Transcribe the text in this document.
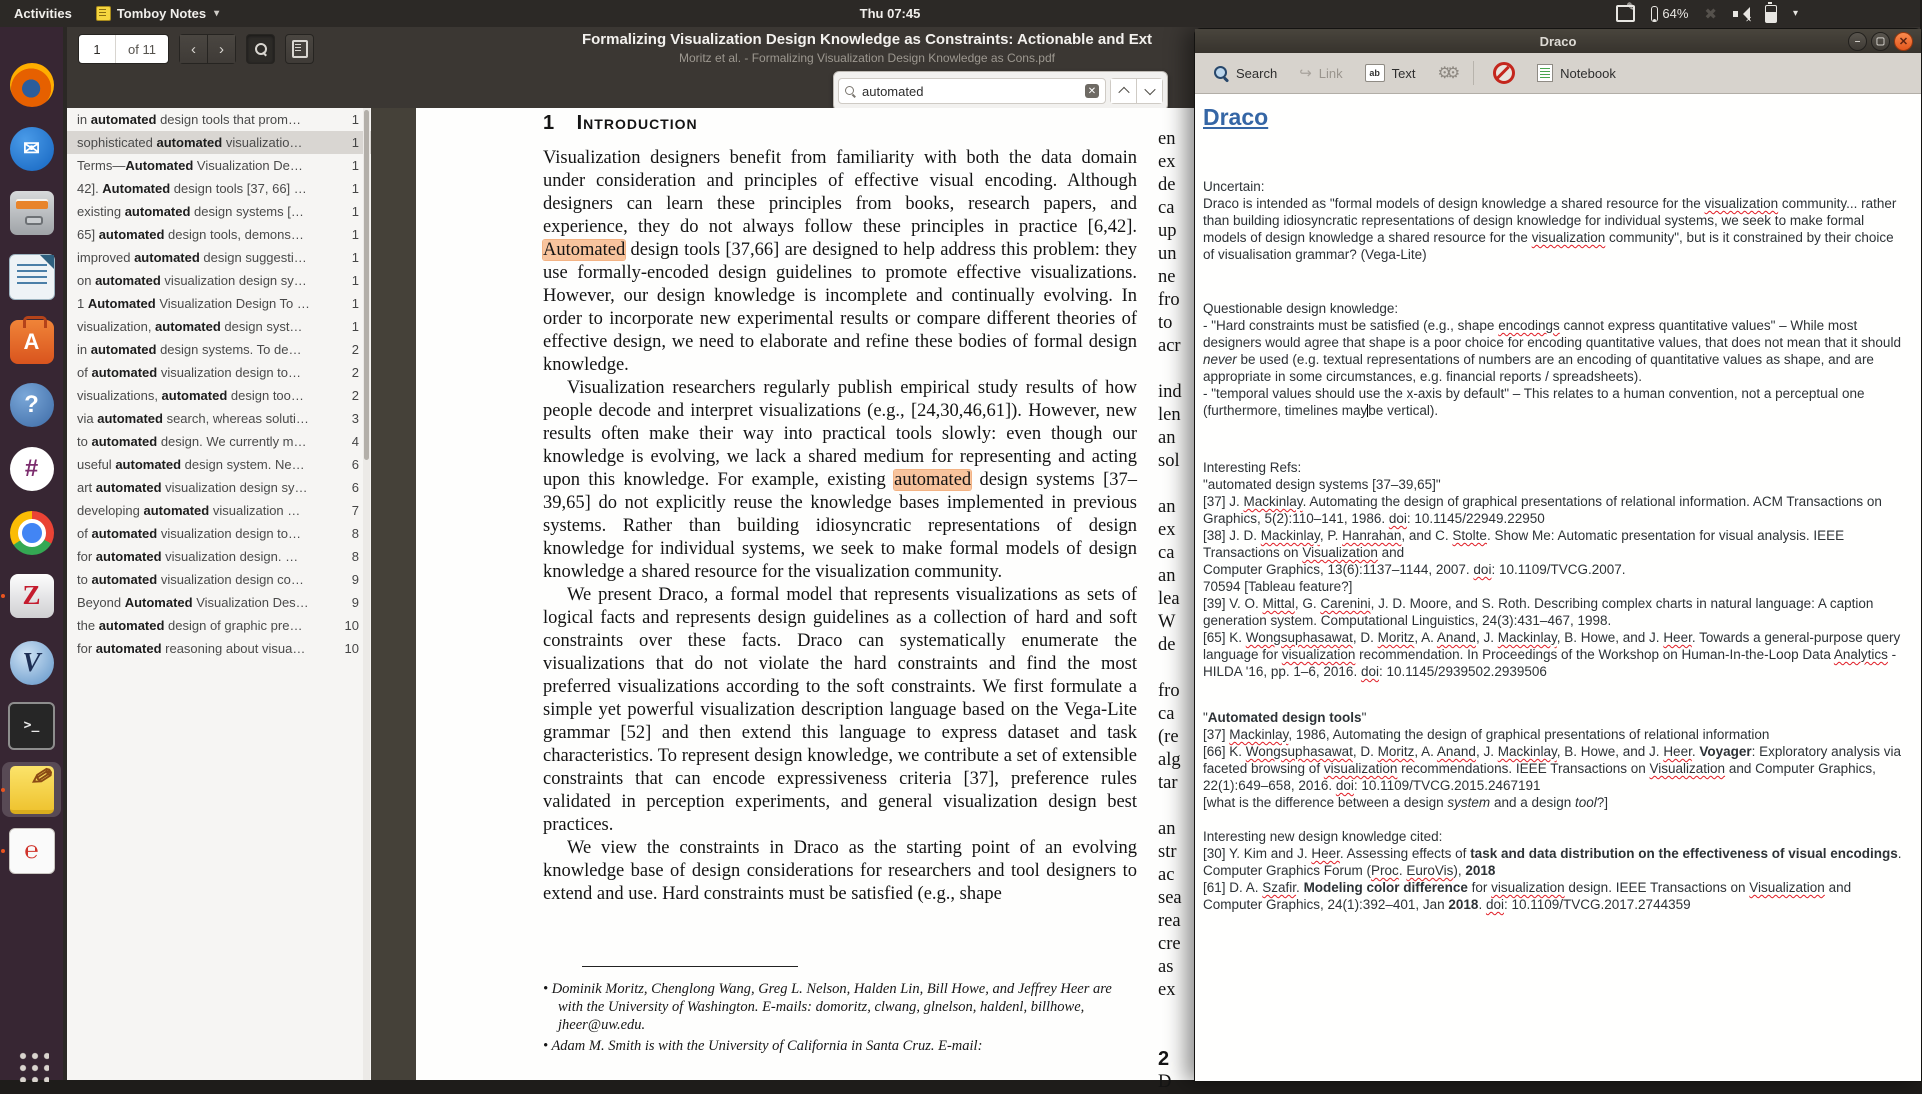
Activities	Tomboy Notes ▾	Thu 07:45 ✎	64% ✖	✕	▾
✉
A
?
#
Z
V
>_
✎
℮
1	of 11	‹	›
Formalizing Visualization Design Knowledge as Constraints: Actionable and Ext
Moritz et al. - Formalizing Visualization Design Knowledge as Cons.pdf
automated	✕
in automated design tools that prom…	1
sophisticated automated visualizatio…	1
Terms—Automated Visualization De…	1
42]. Automated design tools [37, 66] …	1
existing automated design systems […	1
65] automated design tools, demons…	1
improved automated design suggesti…	1
on automated visualization design sy…	1
1 Automated Visualization Design To …	1
visualization, automated design syst…	1
in automated design systems. To de…	2
of automated visualization design to…	2
visualizations, automated design too…	2
via automated search, whereas soluti…	3
to automated design. We currently m…	4
useful automated design system. Ne…	6
art automated visualization design sy…	6
developing automated visualization …	7
of automated visualization design to…	8
for automated visualization design. …	8
to automated visualization design co…	9
Beyond Automated Visualization Des…	9
the automated design of graphic pre…	10
for automated reasoning about visua…	10
1 Introduction

Visualization designers benefit from familiarity with both the data domain under consideration and principles of effective visual encoding. Although designers can learn these principles from books, research papers, and experience, they do not always follow these principles in practice [6,42]. Automated design tools [37,66] are designed to help address this problem: they use formally-encoded design guidelines to promote effective visualizations. However, our design knowledge is incomplete and continually evolving. In order to incorporate new experimental results or compare different theories of effective design, we need to elaborate and refine these bodies of formal design knowledge.

Visualization researchers regularly publish empirical study results of how people decode and interpret visualizations (e.g., [24,30,46,61]). However, new results often make their way into practical tools slowly: even though our knowledge is evolving, we lack a shared medium for representing and acting upon this knowledge. For example, existing automated design systems [37–39,65] do not explicitly reuse the knowledge bases implemented in previous systems. Rather than building idiosyncratic representations of design knowledge for individual systems, we seek to make formal models of design knowledge a shared resource for the visualization community.

We present Draco, a formal model that represents visualizations as sets of logical facts and represents design guidelines as a collection of hard and soft constraints over these facts. Draco can systematically enumerate the visualizations that do not violate the hard constraints and find the most preferred visualizations according to the soft constraints. We first formulate a simple yet powerful visualization description language based on the Vega-Lite grammar [52] and then extend this language to express dataset and task characteristics. To represent design knowledge, we contribute a set of extensible constraints that can encode expressiveness criteria [37], preference rules validated in perception experiments, and general visualization design best practices.

We view the constraints in Draco as the starting point of an evolving knowledge base of design considerations for researchers and tool designers to extend and use. Hard constraints must be satisfied (e.g., shape

• Dominik Moritz, Chenglong Wang, Greg L. Nelson, Halden Lin, Bill Howe, and Jeffrey Heer are with the University of Washington. E-mails: domoritz, clwang, glnelson, haldenl, billhowe, jheer@uw.edu.
• Adam M. Smith is with the University of California in Santa Cruz. E-mail:
en
ex
de
ca
up
un
ne
fro
to
acr

ind
len
an
sol

an
ex
ca
an
lea
W
de

fro
ca
(re
alg
tar

an
str
ac
sea
rea
cre
as
ex

2
D
Draco	–	▢	✕
Search ↪ Link	ab Text ⚙⚙	Notebook
Draco
Uncertain:
Draco is intended as "formal models of design knowledge a shared resource for the visualization community... rather than building idiosyncratic representations of design knowledge for individual systems, we seek to make formal models of design knowledge a shared resource for the visualization community", but is it constrained by their choice of visualisation grammar? (Vega-Lite)
Questionable design knowledge:
- "Hard constraints must be satisfied (e.g., shape encodings cannot express quantitative values" – While most designers would agree that shape is a poor choice for encoding quantitative values, that does not mean that it should never be used (e.g. textual representations of numbers are an encoding of quantitative values as shape, and are appropriate in some circumstances, e.g. financial reports / spreadsheets).
- "temporal values should use the x-axis by default" – This relates to a human convention, not a perceptual one (furthermore, timelines maybe vertical).
Interesting Refs:
"automated design systems [37–39,65]"
[37] J. Mackinlay. Automating the design of graphical presentations of relational information. ACM Transactions on Graphics, 5(2):110–141, 1986. doi: 10.1145/22949.22950
[38] J. D. Mackinlay, P. Hanrahan, and C. Stolte. Show Me: Automatic presentation for visual analysis. IEEE Transactions on Visualization and
Computer Graphics, 13(6):1137–1144, 2007. doi: 10.1109/TVCG.2007.
70594 [Tableau feature?]
[39] V. O. Mittal, G. Carenini, J. D. Moore, and S. Roth. Describing complex charts in natural language: A caption generation system. Computational Linguistics, 24(3):431–467, 1998.
[65] K. Wongsuphasawat, D. Moritz, A. Anand, J. Mackinlay, B. Howe, and J. Heer. Towards a general-purpose query language for visualization recommendation. In Proceedings of the Workshop on Human-In-the-Loop Data Analytics - HILDA '16, pp. 1–6, 2016. doi: 10.1145/2939502.2939506
"Automated design tools"
[37] Mackinlay, 1986, Automating the design of graphical presentations of relational information
[66] K. Wongsuphasawat, D. Moritz, A. Anand, J. Mackinlay, B. Howe, and J. Heer. Voyager: Exploratory analysis via faceted browsing of visualization recommendations. IEEE Transactions on Visualization and Computer Graphics, 22(1):649–658, 2016. doi: 10.1109/TVCG.2015.2467191
[what is the difference between a design system and a design tool?]
Interesting new design knowledge cited:
[30] Y. Kim and J. Heer. Assessing effects of task and data distribution on the effectiveness of visual encodings. Computer Graphics Forum (Proc. EuroVis), 2018
[61] D. A. Szafir. Modeling color difference for visualization design. IEEE Transactions on Visualization and Computer Graphics, 24(1):392–401, Jan 2018. doi: 10.1109/TVCG.2017.2744359
